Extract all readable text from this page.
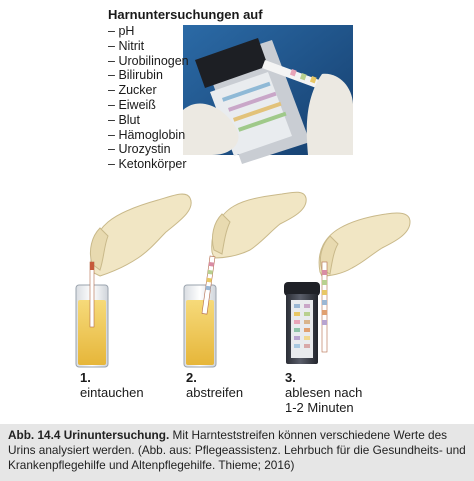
Harnuntersuchungen auf
– pH
– Nitrit
– Urobilinogen
– Bilirubin
– Zucker
– Eiweiß
– Blut
– Hämoglobin
– Urozystin
– Ketonkörper
1.
eintauchen
2.
abstreifen
3.
ablesen nach
1-2 Minuten
Abb. 14.4 Urinuntersuchung. Mit Harnteststreifen können verschiedene Werte des Urins analysiert werden. (Abb. aus: Pflegeassistenz. Lehrbuch für die Gesundheits- und Krankenpflegehilfe und Altenpflegehilfe. Thieme; 2016)
